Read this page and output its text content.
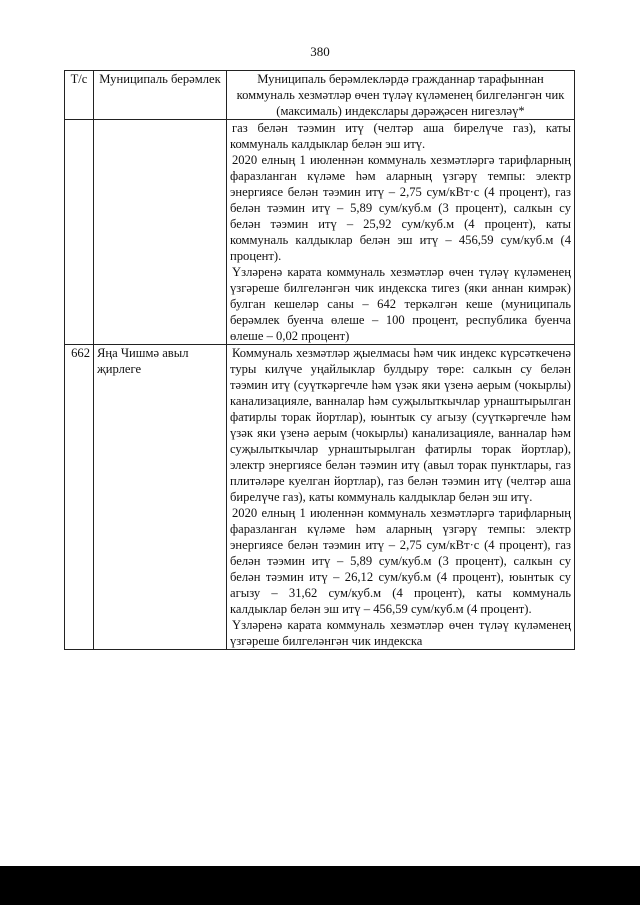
380
Т/с	Муниципаль берәмлек	Муниципаль берәмлекләрдә гражданнар тарафыннан коммуналь хезмәтләр өчен түләү күләменең билгеләнгән чик (максималь) индекслары дәрәҗәсен нигезләү*

		газ белән тәэмин итү (челтәр аша бирелүче газ), каты коммуналь калдыклар белән эш итү.

2020 елның 1 июленнән коммуналь хезмәтләргә тарифларның фаразланган күләме һәм аларның үзгәрү темпы: электр энергиясе белән тәэмин итү – 2,75 сум/кВт·с (4 процент), газ белән тәэмин итү – 5,89 сум/куб.м (3 процент), салкын су белән тәэмин итү – 25,92 сум/куб.м (4 процент), каты коммуналь калдыклар белән эш итү – 456,59 сум/куб.м (4 процент).

Үзләренә карата коммуналь хезмәтләр өчен түләү күләменең үзгәреше билгеләнгән чик индекска тигез (яки аннан кимрәк) булган кешеләр саны – 642 теркәлгән кеше (муниципаль берәмлек буенча өлеше – 100 процент, республика буенча өлеше – 0,02 процент)

662	Яңа Чишмә авыл җирлеге	Коммуналь хезмәтләр җыелмасы һәм чик индекс күрсәткеченә туры килүче уңайлыклар булдыру төре: салкын су белән тәэмин итү (суүткәргечле һәм үзәк яки үзенә аерым (чокырлы) канализацияле, ванналар һәм суҗылыткычлар урнаштырылган фатирлы торак йортлар), юынтык су агызу (суүткәргечле һәм үзәк яки үзенә аерым (чокырлы) канализацияле, ванналар һәм суҗылыткычлар урнаштырылган фатирлы торак йортлар), электр энергиясе белән тәэмин итү (авыл торак пунктлары, газ плитәләре куелган йортлар), газ белән тәэмин итү (челтәр аша бирелүче газ), каты коммуналь калдыклар белән эш итү.

2020 елның 1 июленнән коммуналь хезмәтләргә тарифларның фаразланган күләме һәм аларның үзгәрү темпы: электр энергиясе белән тәэмин итү – 2,75 сум/кВт·с (4 процент), газ белән тәэмин итү – 5,89 сум/куб.м (3 процент), салкын су белән тәэмин итү – 26,12 сум/куб.м (4 процент), юынтык су агызу – 31,62 сум/куб.м (4 процент), каты коммуналь калдыклар белән эш итү – 456,59 сум/куб.м (4 процент).

Үзләренә карата коммуналь хезмәтләр өчен түләү күләменең үзгәреше билгеләнгән чик индекска
